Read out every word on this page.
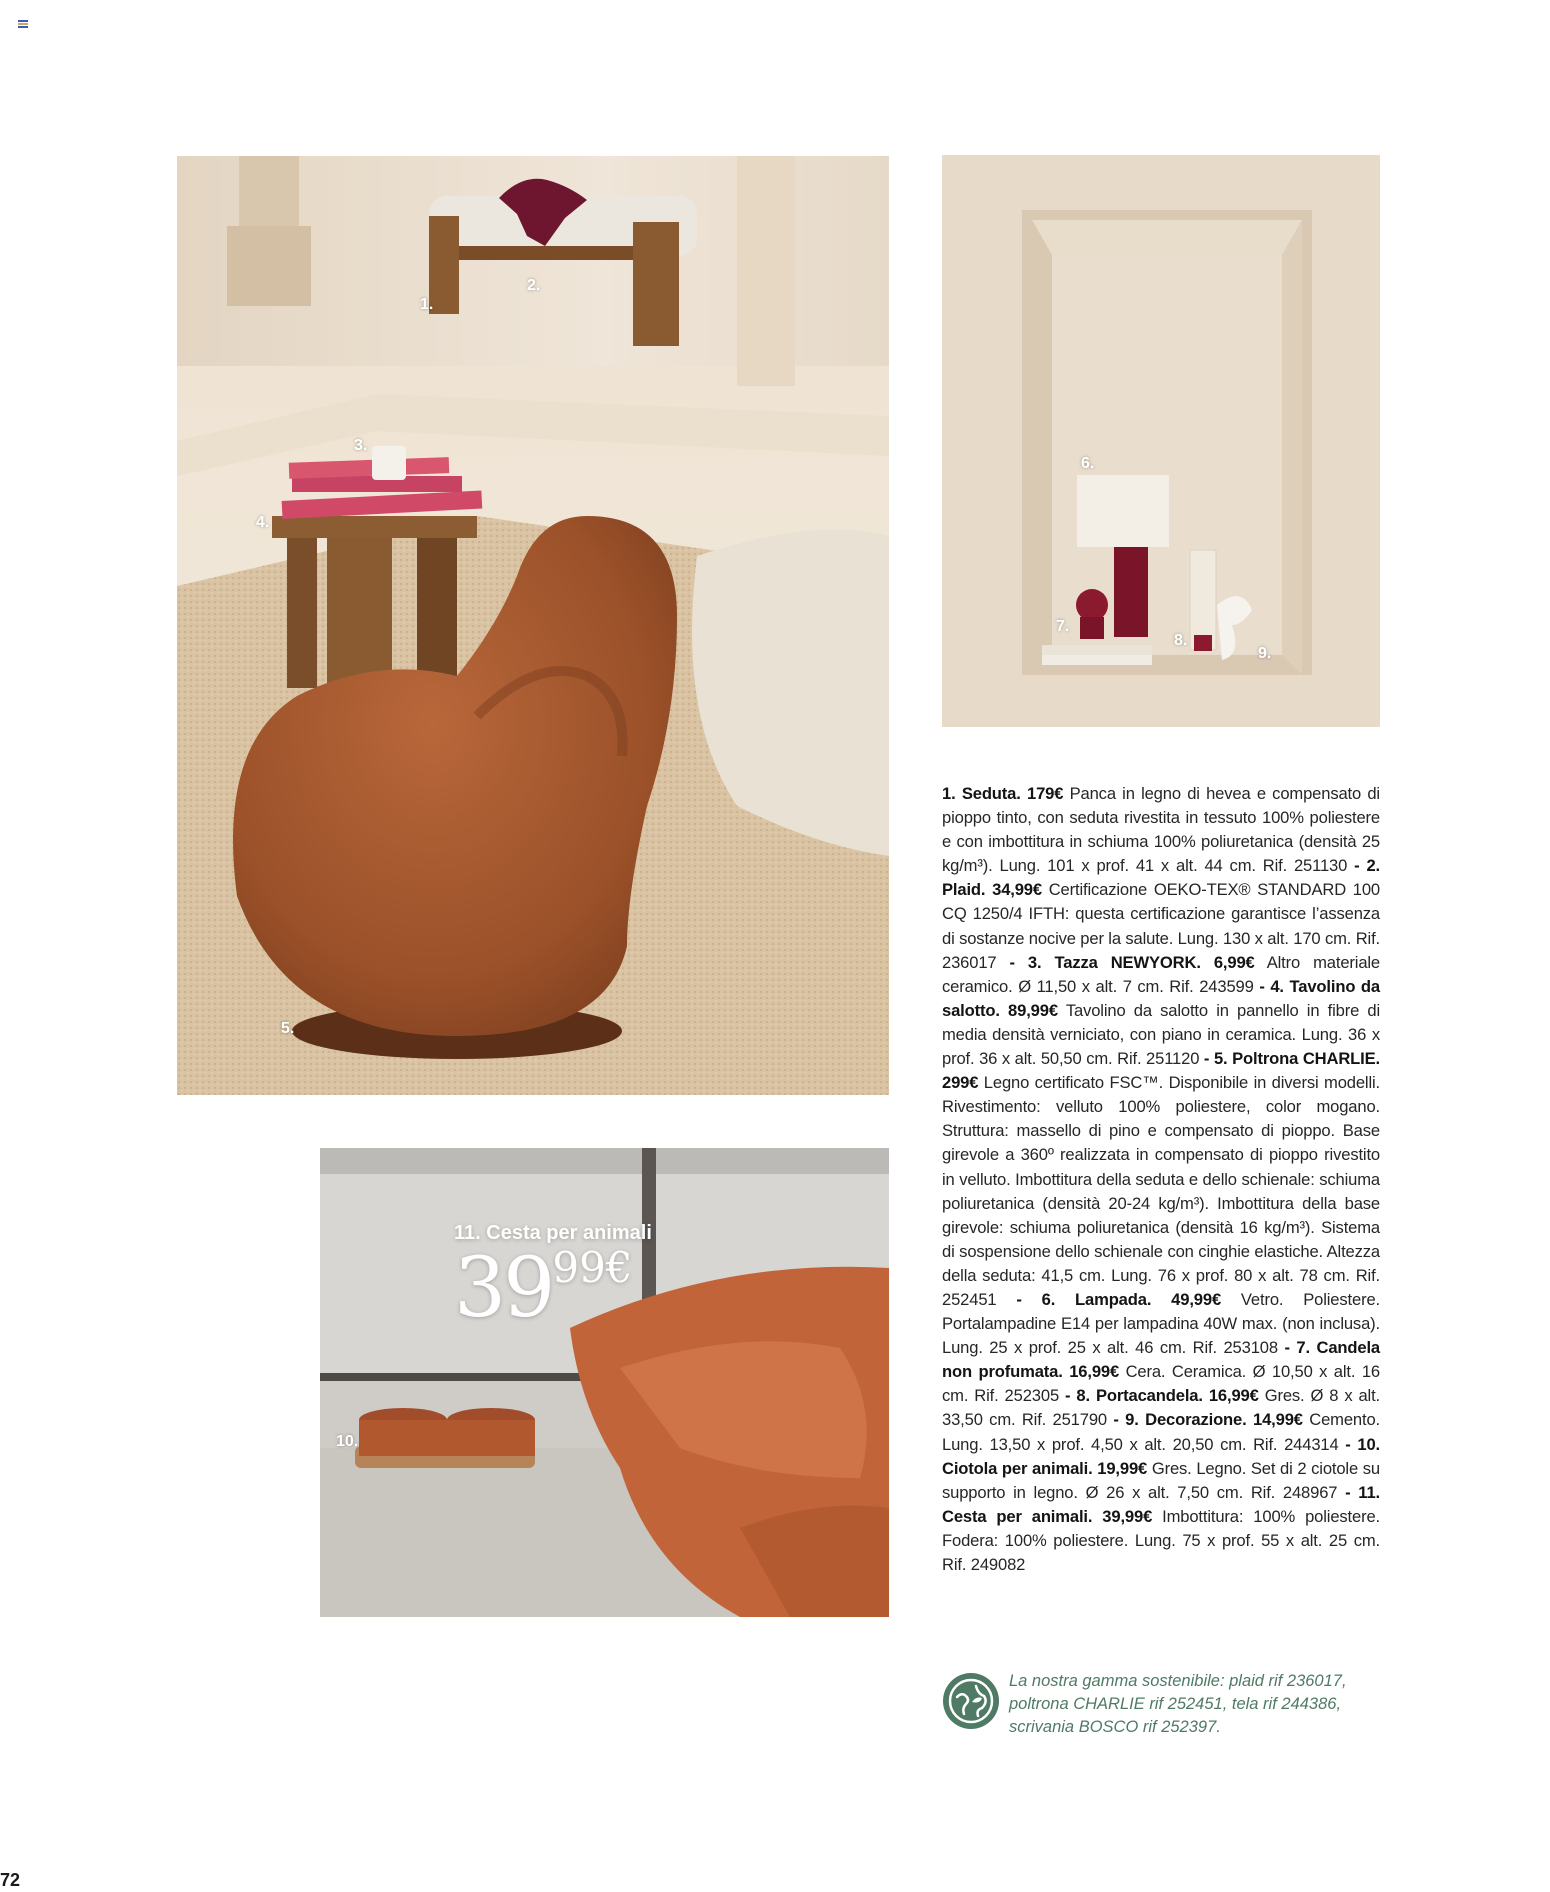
1.
2.
3.
4.
5.
6.
7.
8.
9.
10.
11. Cesta per animali
3999€
1. Seduta. 179€ Panca in legno di hevea e compensato di pioppo tinto, con seduta rivestita in tessuto 100% poliestere e con imbottitura in schiuma 100% poliuretanica (densità 25 kg/m³). Lung. 101 x prof. 41 x alt. 44 cm. Rif. 251130 - 2. Plaid. 34,99€ Certificazione OEKO-TEX® STANDARD 100 CQ 1250/4 IFTH: questa certificazione garantisce l’assenza di sostanze nocive per la salute. Lung. 130 x alt. 170 cm. Rif. 236017 - 3. Tazza NEWYORK. 6,99€ Altro materiale ceramico. Ø 11,50 x alt. 7 cm. Rif. 243599 - 4. Tavolino da salotto. 89,99€ Tavolino da salotto in pannello in fibre di media densità verniciato, con piano in ceramica. Lung. 36 x prof. 36 x alt. 50,50 cm. Rif. 251120 - 5. Poltrona CHARLIE. 299€ Legno certificato FSC™. Disponibile in diversi modelli. Rivestimento: velluto 100% poliestere, color mogano. Struttura: massello di pino e compensato di pioppo. Base girevole a 360º realizzata in compensato di pioppo rivestito in velluto. Imbottitura della seduta e dello schienale: schiuma poliuretanica (densità 20-24 kg/m³). Imbottitura della base girevole: schiuma poliuretanica (densità 16 kg/m³). Sistema di sospensione dello schienale con cinghie elastiche. Altezza della seduta: 41,5 cm. Lung. 76 x prof. 80 x alt. 78 cm. Rif. 252451 - 6. Lampada. 49,99€ Vetro. Poliestere. Portalampadine E14 per lampadina 40W max. (non inclusa). Lung. 25 x prof. 25 x alt. 46 cm. Rif. 253108 - 7. Candela non profumata. 16,99€ Cera. Ceramica. Ø 10,50 x alt. 16 cm. Rif. 252305 - 8. Portacandela. 16,99€ Gres. Ø 8 x alt. 33,50 cm. Rif. 251790 - 9. Decorazione. 14,99€ Cemento. Lung. 13,50 x prof. 4,50 x alt. 20,50 cm. Rif. 244314 - 10. Ciotola per animali. 19,99€ Gres. Legno. Set di 2 ciotole su supporto in legno. Ø 26 x alt. 7,50 cm. Rif. 248967 - 11. Cesta per animali. 39,99€ Imbottitura: 100% poliestere. Fodera: 100% poliestere. Lung. 75 x prof. 55 x alt. 25 cm. Rif. 249082
La nostra gamma sostenibile: plaid rif 236017, poltrona CHARLIE rif 252451, tela rif 244386, scrivania BOSCO rif 252397.
72
